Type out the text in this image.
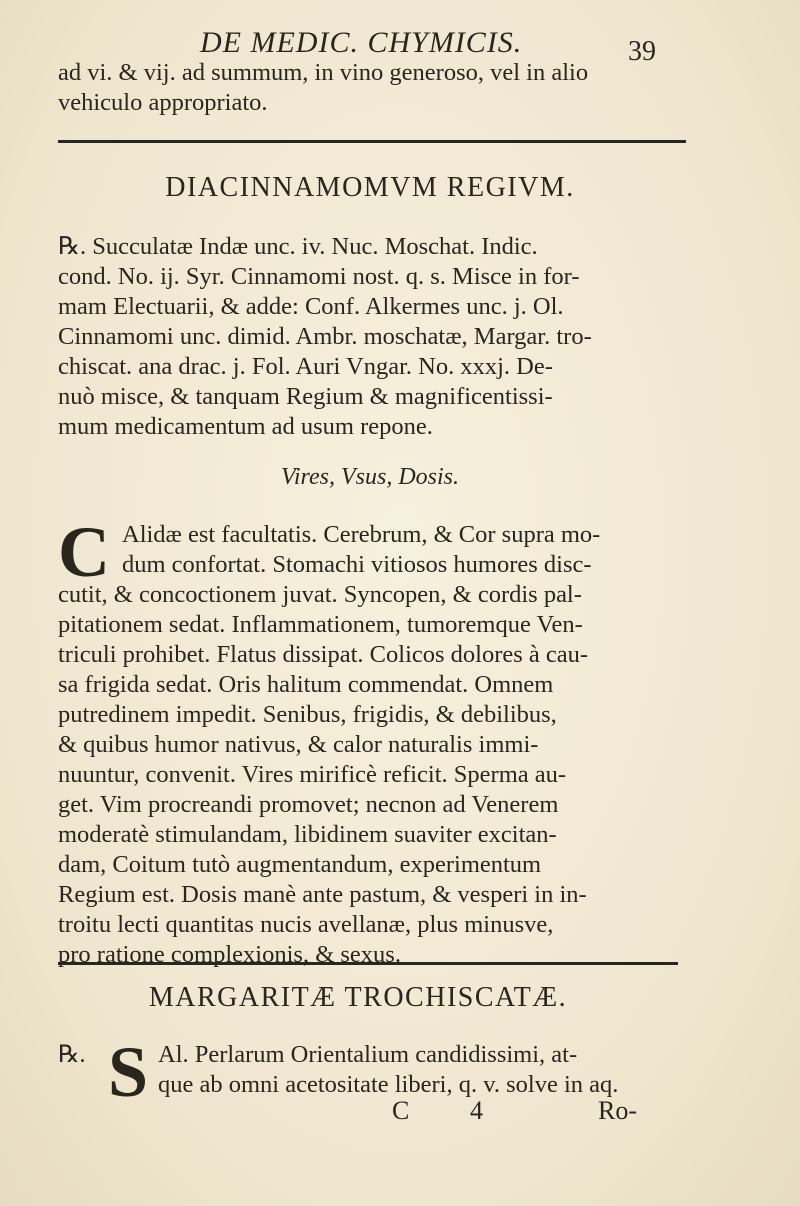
DE MEDIC. CHYMICIS.	39
ad vi. & vij. ad summum, in vino generoso, vel in alio
vehiculo appropriato.
DIACINNAMOMVM REGIVM.
℞. Succulatæ Indæ unc. iv. Nuc. Moschat. Indic.
cond. No. ij. Syr. Cinnamomi nost. q. s. Misce in for-
mam Electuarii, & adde: Conf. Alkermes unc. j. Ol.
Cinnamomi unc. dimid. Ambr. moschatæ, Margar. tro-
chiscat. ana drac. j. Fol. Auri Vngar. No. xxxj. De-
nuò misce, & tanquam Regium & magnificentissi-
mum medicamentum ad usum repone.
Vires, Vsus, Dosis.
C Alidæ est facultatis. Cerebrum, & Cor supra mo-
dum confortat. Stomachi vitiosos humores disc-
cutit, & concoctionem juvat. Syncopen, & cordis pal-
pitationem sedat. Inflammationem, tumoremque Ven-
triculi prohibet. Flatus dissipat. Colicos dolores à cau-
sa frigida sedat. Oris halitum commendat. Omnem
putredinem impedit. Senibus, frigidis, & debilibus,
& quibus humor nativus, & calor naturalis immi-
nuuntur, convenit. Vires mirificè reficit. Sperma au-
get. Vim procreandi promovet; necnon ad Venerem
moderatè stimulandam, libidinem suaviter excitan-
dam, Coitum tutò augmentandum, experimentum
Regium est. Dosis manè ante pastum, & vesperi in in-
troitu lecti quantitas nucis avellanæ, plus minusve,
pro ratione complexionis, & sexus.
MARGARITÆ TROCHISCATÆ.
℞. S Al. Perlarum Orientalium candidissimi, at-
que ab omni acetositate liberi, q. v. solve in aq.
C 4	Ro-
